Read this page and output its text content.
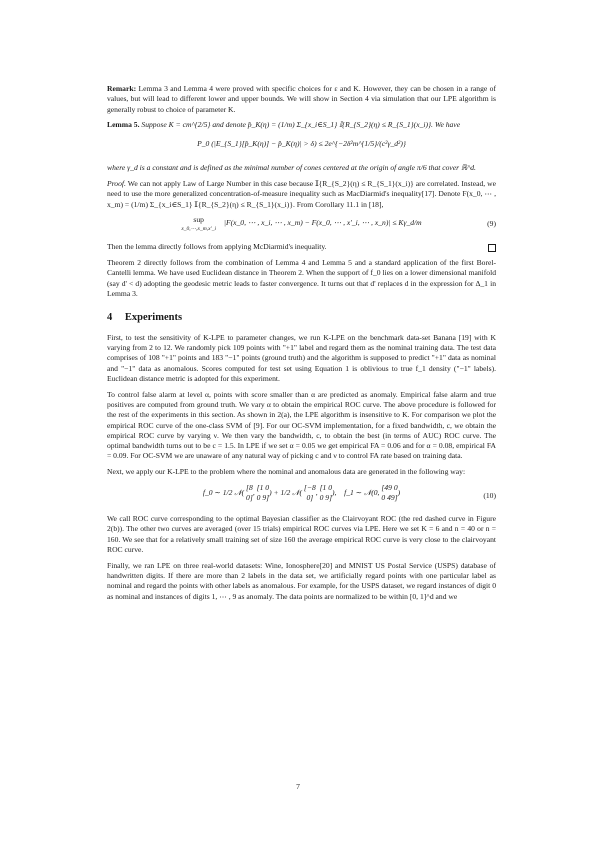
Remark: Lemma 3 and Lemma 4 were proved with specific choices for ε and K. However, they can be chosen in a range of values, but will lead to different lower and upper bounds. We will show in Section 4 via simulation that our LPE algorithm is generally robust to choice of parameter K.

Lemma 5. Suppose K = cm^{2/5} and denote p̂_K(η) = (1/m) Σ_{x_i∈S_1} 𝕀{R_{S_2}(η) ≤ R_{S_1}(x_i)}. We have

P_0 (|E_{S_1}[p̂_K(η)] − p̂_K(η)| > δ) ≤ 2e^{−2δ²m^{1/5}/(c²γ_d²)}

where γ_d is a constant and is defined as the minimal number of cones centered at the origin of angle π/6 that cover ℝ^d.

Proof. We can not apply Law of Large Number in this case because 𝕀{R_{S_2}(η) ≤ R_{S_1}(x_i)} are correlated. Instead, we need to use the more generalized concentration-of-measure inequality such as MacDiarmid's inequality[17]. Denote F(x_0, ⋯ , x_m) = (1/m) Σ_{x_i∈S_1} 𝕀{R_{S_2}(η) ≤ R_{S_1}(x_i)}. From Corollary 11.1 in [18],

sup
x_0,⋯,x_m,x'_i
|F(x_0, ⋯ , x_i, ⋯ , x_m) − F(x_0, ⋯ , x'_i, ⋯ , x_n)| ≤ Kγ_d/m	(9)

Then the lemma directly follows from applying McDiarmid's inequality.

Theorem 2 directly follows from the combination of Lemma 4 and Lemma 5 and a standard application of the first Borel-Cantelli lemma. We have used Euclidean distance in Theorem 2. When the support of f_0 lies on a lower dimensional manifold (say d' < d) adopting the geodesic metric leads to faster convergence. It turns out that d' replaces d in the expression for Δ_1 in Lemma 3.

4 Experiments

First, to test the sensitivity of K-LPE to parameter changes, we run K-LPE on the benchmark data-set Banana [19] with K varying from 2 to 12. We randomly pick 109 points with "+1" label and regard them as the nominal training data. The test data comprises of 108 "+1" points and 183 "−1" points (ground truth) and the algorithm is supposed to predict "+1" data as nominal and "−1" data as anomalous. Scores computed for test set using Equation 1 is oblivious to true f_1 density ("−1" labels). Euclidean distance metric is adopted for this experiment.

To control false alarm at level α, points with score smaller than α are predicted as anomaly. Empirical false alarm and true positives are computed from ground truth. We vary α to obtain the empirical ROC curve. The above procedure is followed for the rest of the experiments in this section. As shown in 2(a), the LPE algorithm is insensitive to K. For comparison we plot the empirical ROC curve of the one-class SVM of [9]. For our OC-SVM implementation, for a fixed bandwidth, c, we obtain the empirical ROC curve by varying ν. We then vary the bandwidth, c, to obtain the best (in terms of AUC) ROC curve. The optimal bandwidth turns out to be c = 1.5. In LPE if we set α = 0.05 we get empirical FA = 0.06 and for α = 0.08, empirical FA = 0.09. For OC-SVM we are unaware of any natural way of picking c and ν to control FA rate based on training data.

Next, we apply our K-LPE to the problem where the nominal and anomalous data are generated in the following way:

f_0 ∼ 1/2 𝒩(
[8
0]
,
[1 0
0 9]
) + 1/2 𝒩(
[−8
0]
,
[1 0
0 9]
),    f_1 ∼ 𝒩(0,
[49 0
0 49]
)	(10)

We call ROC curve corresponding to the optimal Bayesian classifier as the Clairvoyant ROC (the red dashed curve in Figure 2(b)). The other two curves are averaged (over 15 trials) empirical ROC curves via LPE. Here we set K = 6 and n = 40 or n = 160. We see that for a relatively small training set of size 160 the average empirical ROC curve is very close to the clairvoyant ROC curve.

Finally, we ran LPE on three real-world datasets: Wine, Ionosphere[20] and MNIST US Postal Service (USPS) database of handwritten digits. If there are more than 2 labels in the data set, we artificially regard points with one particular label as nominal and regard the points with other labels as anomalous. For example, for the USPS dataset, we regard instances of digit 0 as nominal and instances of digits 1, ⋯ , 9 as anomaly. The data points are normalized to be within [0, 1]^d and we

7
